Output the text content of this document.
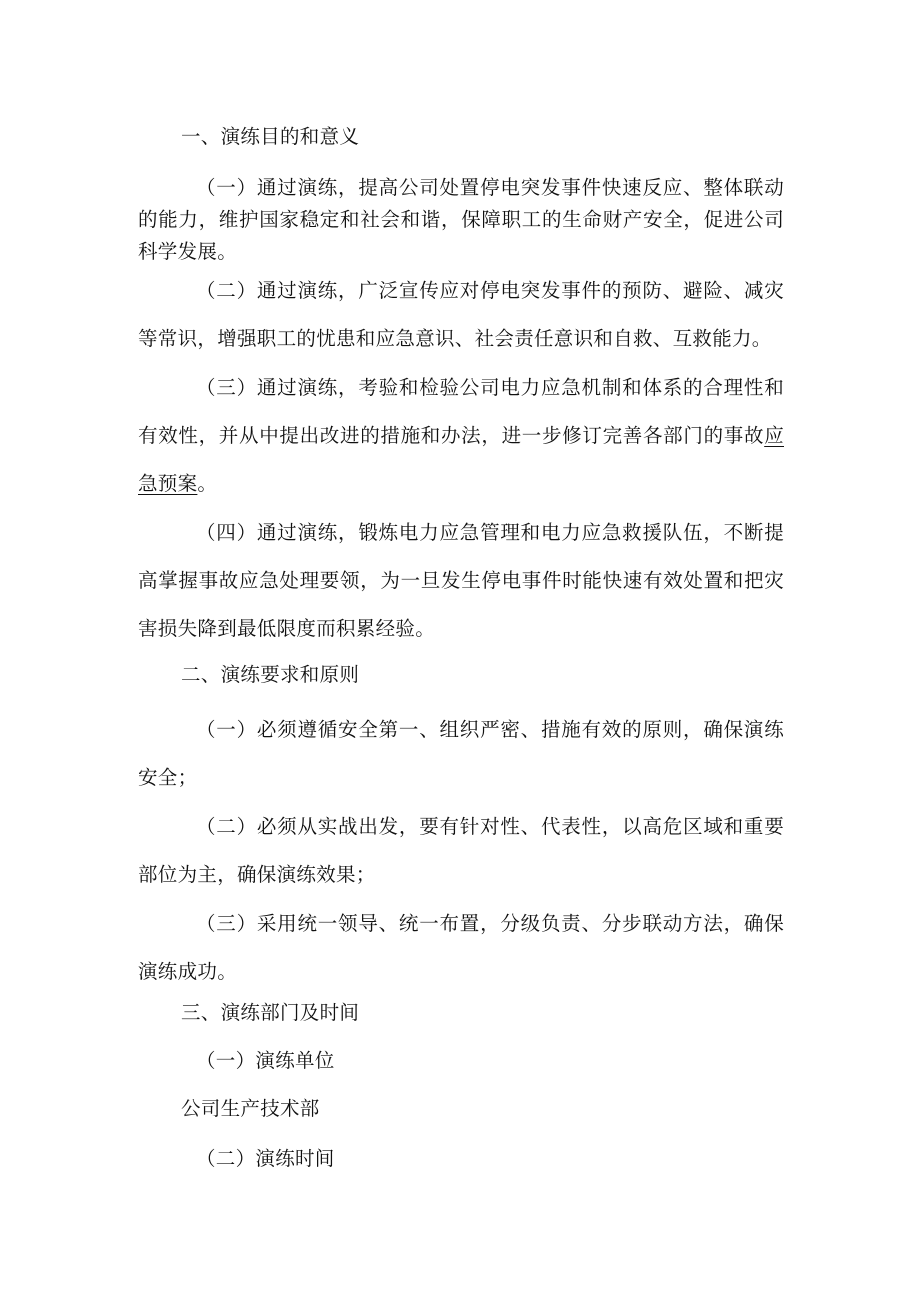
一、演练目的和意义

（一）通过演练，提高公司处置停电突发事件快速反应、整体联动的能力，维护国家稳定和社会和谐，保障职工的生命财产安全，促进公司科学发展。

（二）通过演练，广泛宣传应对停电突发事件的预防、避险、减灾等常识，增强职工的忧患和应急意识、社会责任意识和自救、互救能力。

（三）通过演练，考验和检验公司电力应急机制和体系的合理性和有效性，并从中提出改进的措施和办法，进一步修订完善各部门的事故应急预案。

（四）通过演练，锻炼电力应急管理和电力应急救援队伍，不断提高掌握事故应急处理要领，为一旦发生停电事件时能快速有效处置和把灾害损失降到最低限度而积累经验。

二、演练要求和原则

（一）必须遵循安全第一、组织严密、措施有效的原则，确保演练安全；

（二）必须从实战出发，要有针对性、代表性，以高危区域和重要部位为主，确保演练效果；

（三）采用统一领导、统一布置，分级负责、分步联动方法，确保演练成功。

三、演练部门及时间

（一）演练单位

公司生产技术部

（二）演练时间
